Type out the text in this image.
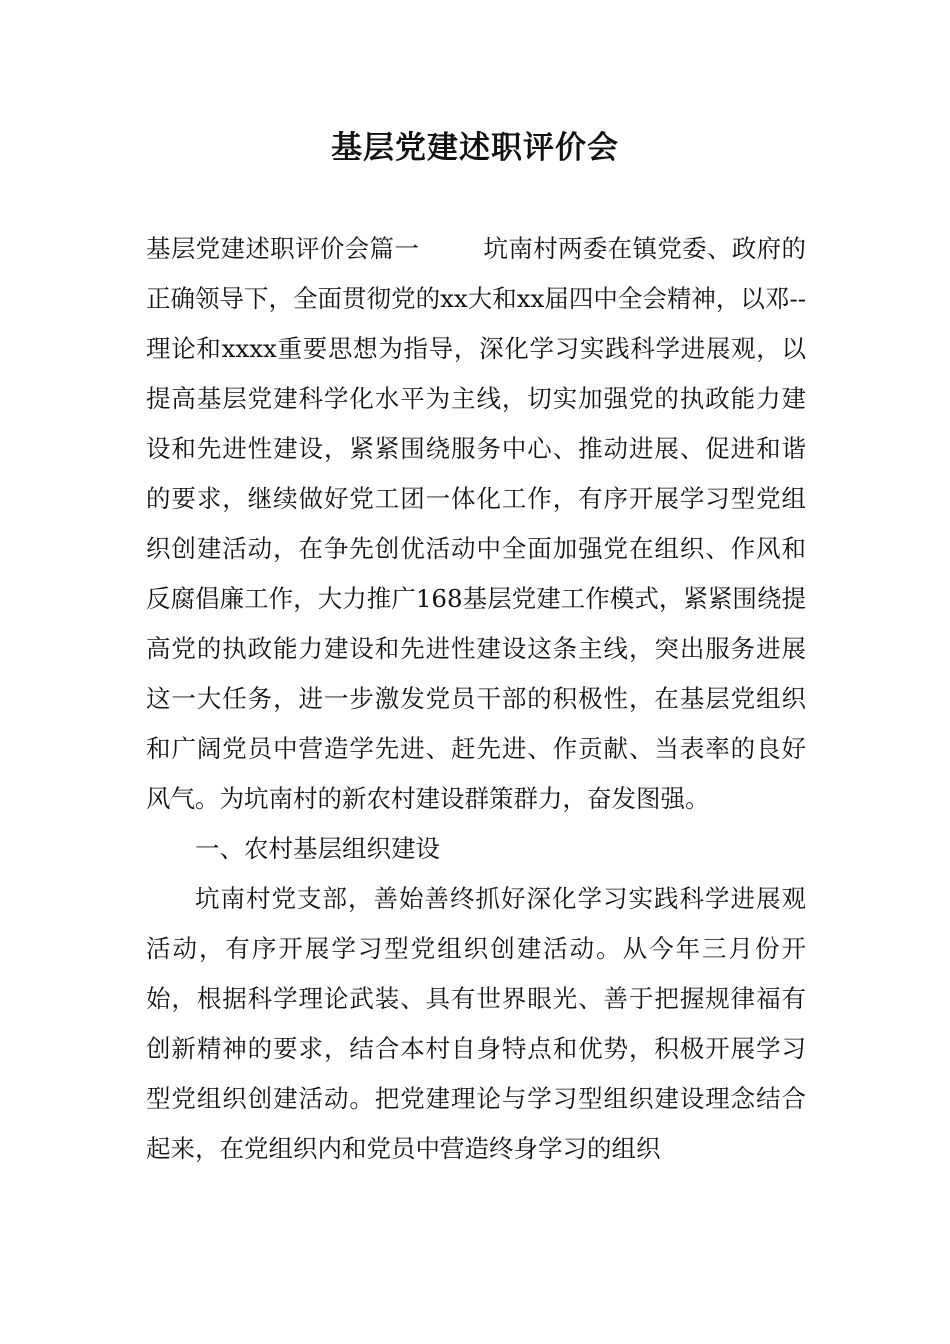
基层党建述职评价会

基层党建述职评价会篇一	坑南村两委在镇党委、政府的正确领导下，全面贯彻党的xx大和xx届四中全会精神，以邓--理论和xxxx重要思想为指导，深化学习实践科学进展观，以提高基层党建科学化水平为主线，切实加强党的执政能力建设和先进性建设，紧紧围绕服务中心、推动进展、促进和谐的要求，继续做好党工团一体化工作，有序开展学习型党组织创建活动，在争先创优活动中全面加强党在组织、作风和反腐倡廉工作，大力推广168基层党建工作模式，紧紧围绕提高党的执政能力建设和先进性建设这条主线，突出服务进展这一大任务，进一步激发党员干部的积极性，在基层党组织和广阔党员中营造学先进、赶先进、作贡献、当表率的良好风气。为坑南村的新农村建设群策群力，奋发图强。

一、农村基层组织建设

坑南村党支部，善始善终抓好深化学习实践科学进展观活动，有序开展学习型党组织创建活动。从今年三月份开始，根据科学理论武装、具有世界眼光、善于把握规律福有创新精神的要求，结合本村自身特点和优势，积极开展学习型党组织创建活动。把党建理论与学习型组织建设理念结合起来，在党组织内和党员中营造终身学习的组织
